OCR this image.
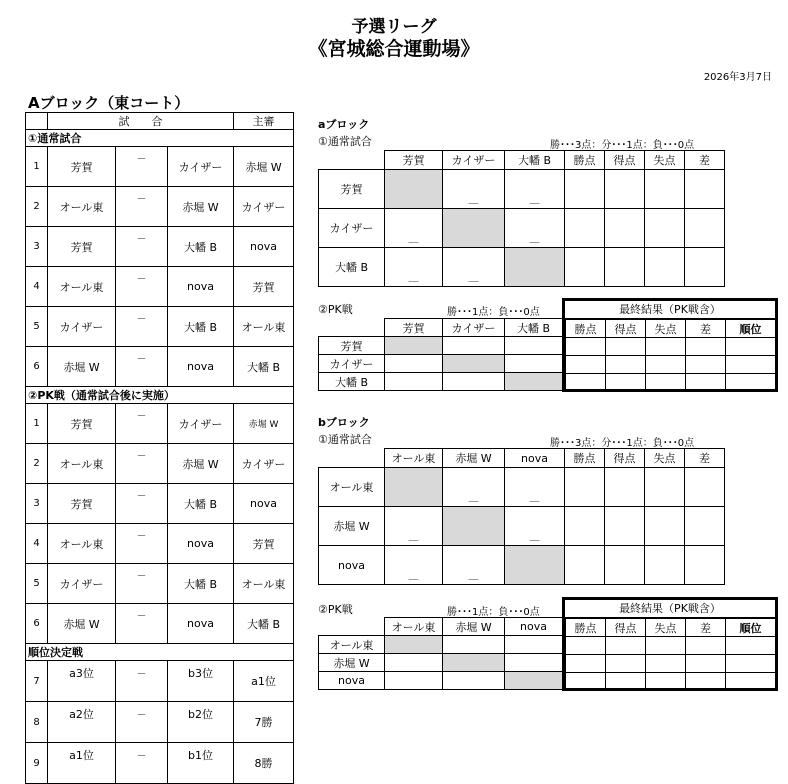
予選リーグ
《宮城総合運動場》
2026年3月7日
Aブロック（東コート）
	試　　合			主審
①通常試合				
1	芳賀	－	カイザー	赤堀 W
2	オール東	－	赤堀 W	カイザー
3	芳賀	－	大幡 B	nova
4	オール東	－	nova	芳賀
5	カイザー	－	大幡 B	オール東
6	赤堀 W	－	nova	大幡 B
②PK戦（通常試合後に実施）				
1	芳賀	－	カイザー	赤堀 W
2	オール東	－	赤堀 W	カイザー
3	芳賀	－	大幡 B	nova
4	オール東	－	nova	芳賀
5	カイザー	－	大幡 B	オール東
6	赤堀 W	－	nova	大幡 B
順位決定戦				
7	a3位	－	b3位	a1位
8	a2位	－	b2位	7勝
9	a1位	－	b1位	8勝
aブロック
①通常試合	勝･･･3点：分･･･1点：負･･･0点
	芳賀	カイザー	大幡 B	勝点	得点	失点	差
芳賀		＿	＿				
カイザー	＿		＿				
大幡 B	＿	＿					
②PK戦	勝･･･1点：負･･･0点
	芳賀	カイザー	大幡 B
芳賀			
カイザー			
大幡 B			
最終結果（PK戦含）
勝点	得点	失点	差	順位

bブロック
①通常試合	勝･･･3点：分･･･1点：負･･･0点
	オール東	赤堀 W	nova	勝点	得点	失点	差
オール東		＿	＿				
赤堀 W	＿		＿				
nova	＿	＿					
②PK戦	勝･･･1点：負･･･0点
	オール東	赤堀 W	nova
オール東			
赤堀 W			
nova			
最終結果（PK戦含）
勝点	得点	失点	差	順位
